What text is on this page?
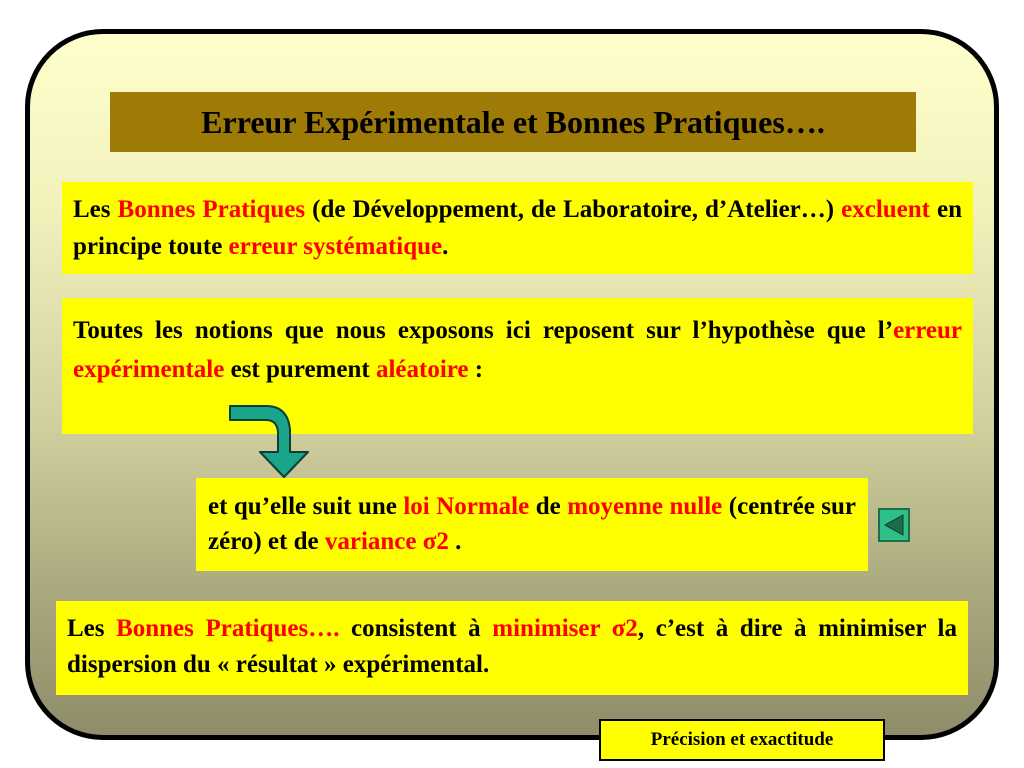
Erreur Expérimentale et Bonnes Pratiques….
Les Bonnes Pratiques (de Développement, de Laboratoire, d’Atelier…) excluent en principe toute erreur systématique.
Toutes les notions que nous exposons ici reposent sur l’hypothèse que l’erreur expérimentale est purement aléatoire :
et qu’elle suit une loi Normale de moyenne nulle (centrée sur zéro) et de variance σ2 .
Les Bonnes Pratiques…. consistent à minimiser σ2, c’est à dire à minimiser la dispersion du « résultat » expérimental.
Précision et exactitude
